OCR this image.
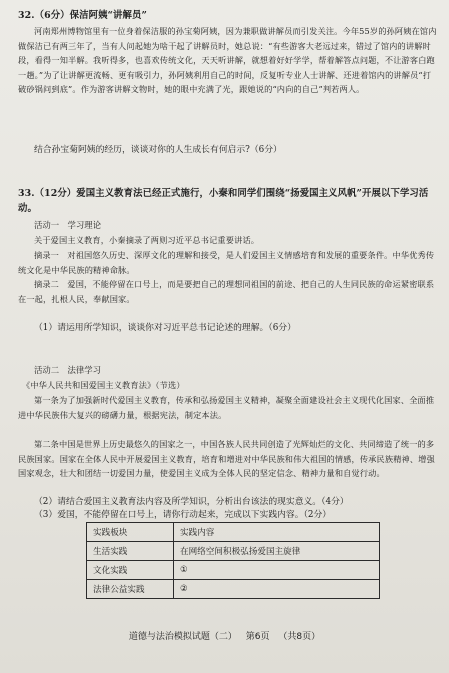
32.（6分）保洁阿姨“讲解员”
河南郑州博物馆里有一位身着保洁服的孙宝菊阿姨，因为兼职做讲解员而引发关注。今年55岁的孙阿姨在馆内做保洁已有两三年了，当有人问起她为啥干起了讲解员时，她总说：“有些游客大老远过来，错过了馆内的讲解时段，看得一知半解。我听得多，也喜欢传统文化，天天听讲解，就想着好好学学，帮着解答点问题，不让游客白跑一趟。”为了让讲解更流畅、更有吸引力，孙阿姨利用自己的时间，反复听专业人士讲解、还进着馆内的讲解员“打破砂锅问到底”。作为游客讲解文物时，她的眼中充满了光，跟她说的“内向的自己”判若两人。
结合孙宝菊阿姨的经历，谈谈对你的人生成长有何启示?（6分）
33.（12分）爱国主义教育法已经正式施行，小秦和同学们围绕“扬爱国主义风帆”开展以下学习活动。
活动一　学习理论
关于爱国主义教育，小秦摘录了两则习近平总书记重要讲话。
摘录一　对祖国悠久历史、深厚文化的理解和接受，是人们爱国主义情感培育和发展的重要条件。中华优秀传统文化是中华民族的精神命脉。
摘录二　爱国，不能停留在口号上，而是要把自己的理想同祖国的前途、把自己的人生同民族的命运紧密联系在一起，扎根人民，奉献国家。
（1）请运用所学知识，谈谈你对习近平总书记论述的理解。（6分）
活动二　法律学习
《中华人民共和国爱国主义教育法》（节选）
第一条为了加强新时代爱国主义教育，传承和弘扬爱国主义精神，凝聚全面建设社会主义现代化国家、全面推进中华民族伟大复兴的磅礴力量，根据宪法，制定本法。
第二条中国是世界上历史最悠久的国家之一，中国各族人民共同创造了光辉灿烂的文化、共同缔造了统一的多民族国家。国家在全体人民中开展爱国主义教育，培育和增进对中华民族和伟大祖国的情感，传承民族精神、增强国家观念，壮大和团结一切爱国力量，使爱国主义成为全体人民的坚定信念、精神力量和自觉行动。
（2）请结合爱国主义教育法内容及所学知识，分析出台该法的现实意义。（4分）
（3）爱国，不能停留在口号上，请你行动起来，完成以下实践内容。（2分）
实践板块	实践内容
生活实践	在网络空间积极弘扬爱国主旋律
文化实践	①
法律公益实践	②
道德与法治模拟试题（二） 第6页 （共8页）
